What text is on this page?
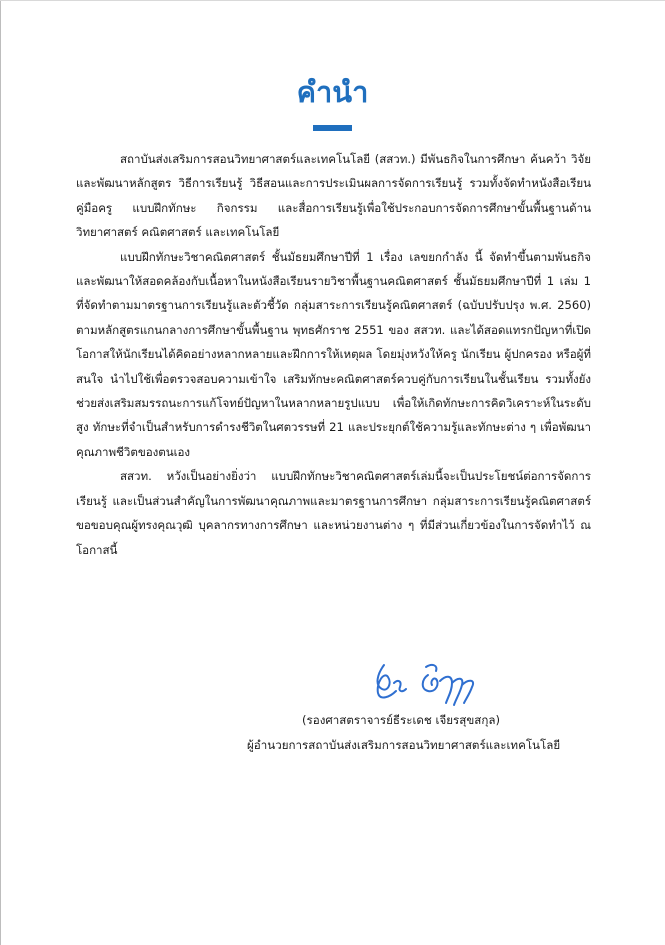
คำนำ

สถาบันส่งเสริมการสอนวิทยาศาสตร์และเทคโนโลยี (สสวท.) มีพันธกิจในการศึกษา ค้นคว้า วิจัยและพัฒนาหลักสูตร วิธีการเรียนรู้ วิธีสอนและการประเมินผลการจัดการเรียนรู้ รวมทั้งจัดทำหนังสือเรียน คู่มือครู แบบฝึกทักษะ กิจกรรม และสื่อการเรียนรู้เพื่อใช้ประกอบการจัดการศึกษาขั้นพื้นฐานด้านวิทยาศาสตร์ คณิตศาสตร์ และเทคโนโลยี

แบบฝึกทักษะวิชาคณิตศาสตร์ ชั้นมัธยมศึกษาปีที่ 1 เรื่อง เลขยกกำลัง นี้ จัดทำขึ้นตามพันธกิจและพัฒนาให้สอดคล้องกับเนื้อหาในหนังสือเรียนรายวิชาพื้นฐานคณิตศาสตร์ ชั้นมัธยมศึกษาปีที่ 1 เล่ม 1 ที่จัดทำตามมาตรฐานการเรียนรู้และตัวชี้วัด กลุ่มสาระการเรียนรู้คณิตศาสตร์ (ฉบับปรับปรุง พ.ศ. 2560) ตามหลักสูตรแกนกลางการศึกษาขั้นพื้นฐาน พุทธศักราช 2551 ของ สสวท. และได้สอดแทรกปัญหาที่เปิดโอกาสให้นักเรียนได้คิดอย่างหลากหลายและฝึกการให้เหตุผล โดยมุ่งหวังให้ครู นักเรียน ผู้ปกครอง หรือผู้ที่สนใจ นำไปใช้เพื่อตรวจสอบความเข้าใจ เสริมทักษะคณิตศาสตร์ควบคู่กับการเรียนในชั้นเรียน รวมทั้งยังช่วยส่งเสริมสมรรถนะการแก้โจทย์ปัญหาในหลากหลายรูปแบบ เพื่อให้เกิดทักษะการคิดวิเคราะห์ในระดับสูง ทักษะที่จำเป็นสำหรับการดำรงชีวิตในศตวรรษที่ 21 และประยุกต์ใช้ความรู้และทักษะต่าง ๆ เพื่อพัฒนาคุณภาพชีวิตของตนเอง

สสวท. หวังเป็นอย่างยิ่งว่า แบบฝึกทักษะวิชาคณิตศาสตร์เล่มนี้จะเป็นประโยชน์ต่อการจัดการเรียนรู้ และเป็นส่วนสำคัญในการพัฒนาคุณภาพและมาตรฐานการศึกษา กลุ่มสาระการเรียนรู้คณิตศาสตร์ ขอขอบคุณผู้ทรงคุณวุฒิ บุคลากรทางการศึกษา และหน่วยงานต่าง ๆ ที่มีส่วนเกี่ยวข้องในการจัดทำไว้ ณ โอกาสนี้

(รองศาสตราจารย์ธีระเดช เจียรสุขสกุล)
ผู้อำนวยการสถาบันส่งเสริมการสอนวิทยาศาสตร์และเทคโนโลยี
